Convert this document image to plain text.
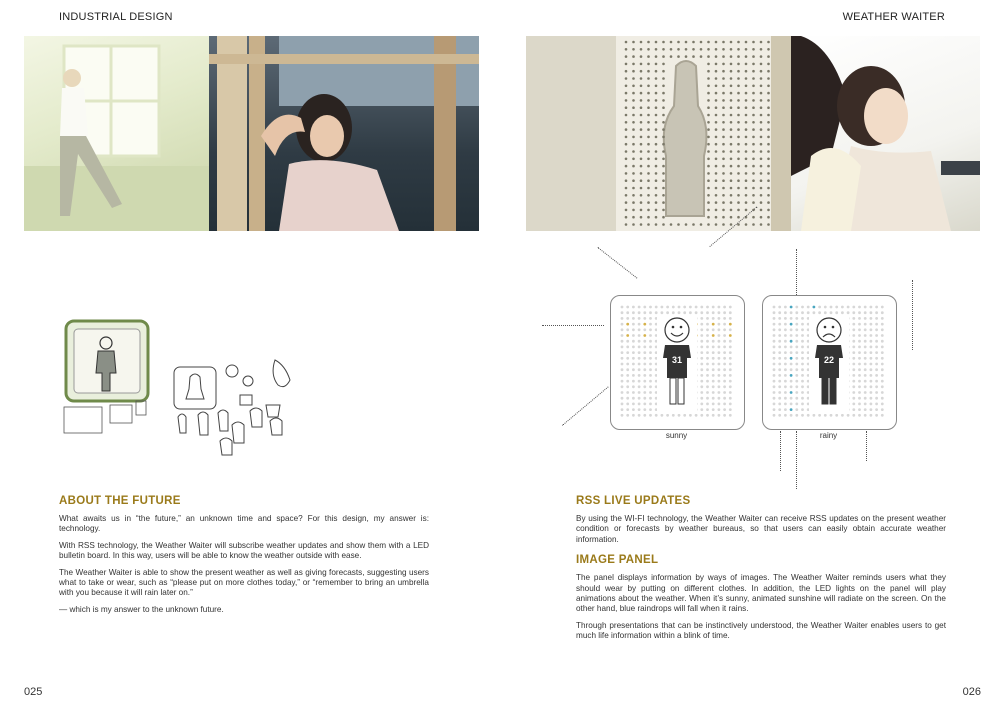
INDUSTRIAL DESIGN	WEATHER WAITER
31
sunny
22
rainy
ABOUT THE FUTURE

What awaits us in “the future,” an unknown time and space? For this design, my answer is: technology.

With RSS technology, the Weather Waiter will subscribe weather updates and show them with a LED bulletin board. In this way, users will be able to know the weather outside with ease.

The Weather Waiter is able to show the present weather as well as giving forecasts, suggesting users what to take or wear, such as “please put on more clothes today,” or “remember to bring an umbrella with you because it will rain later on.”

— which is my answer to the unknown future.

RSS LIVE UPDATES

By using the WI-FI technology, the Weather Waiter can receive RSS updates on the present weather condition or forecasts by weather bureaus, so that users can easily obtain accurate weather information.

IMAGE PANEL

The panel displays information by ways of images. The Weather Waiter reminds users what they should wear by putting on different clothes. In addition, the LED lights on the panel will play animations about the weather. When it’s sunny, animated sunshine will radiate on the screen. On the other hand, blue raindrops will fall when it rains.

Through presentations that can be instinctively understood, the Weather Waiter enables users to get much life information within a blink of time.

025	026
